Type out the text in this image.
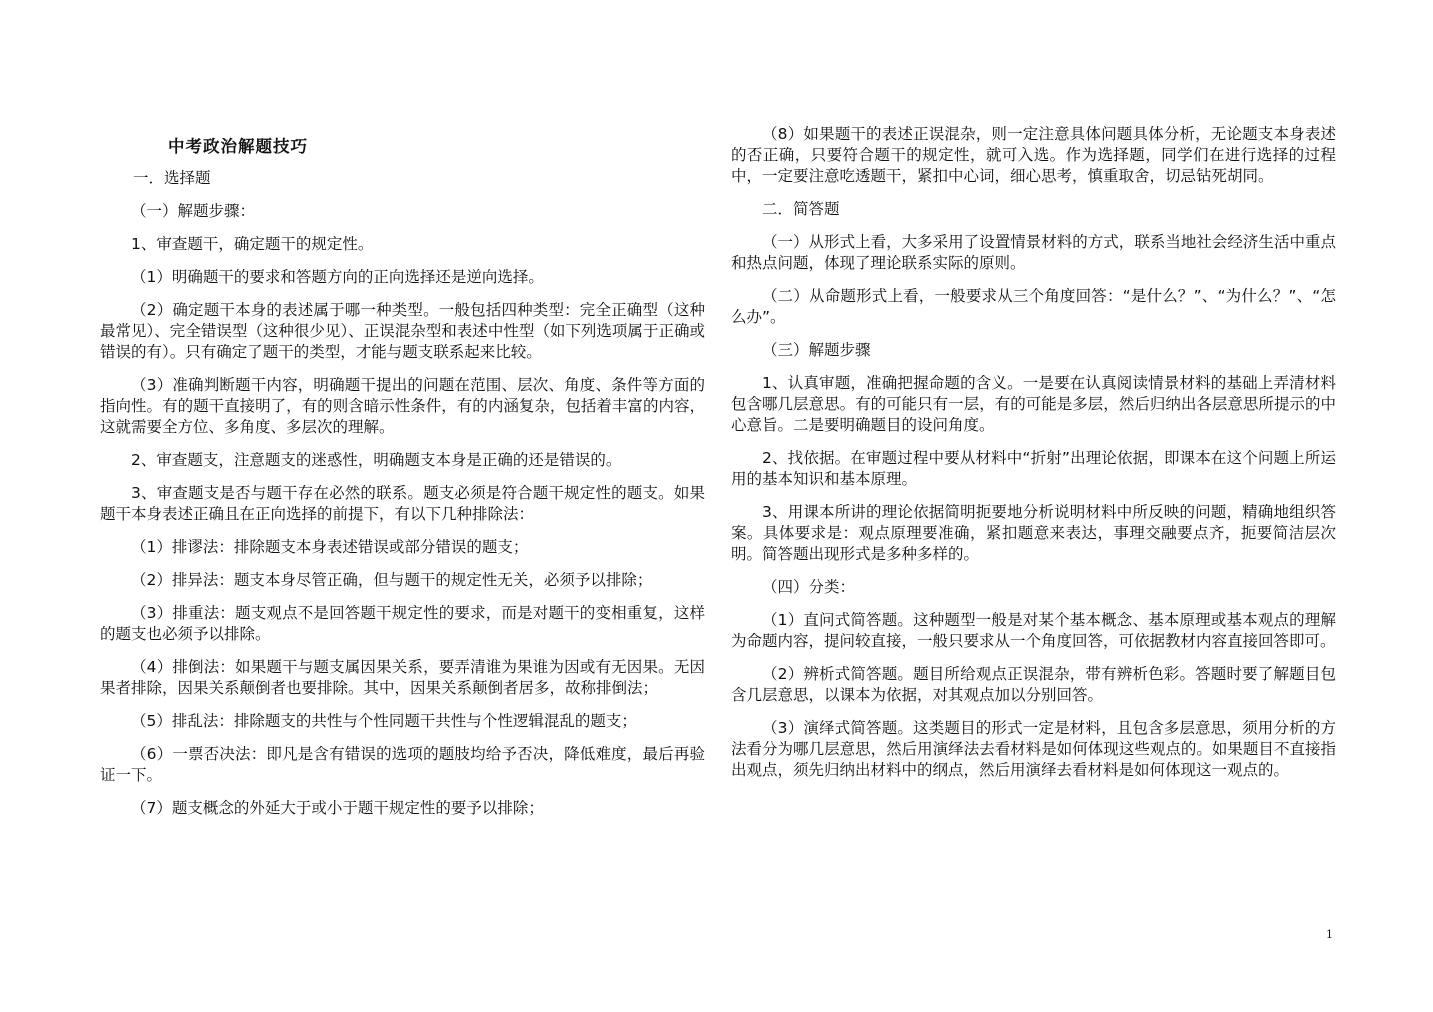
中考政治解题技巧

一．选择题

（一）解题步骤：

1、审查题干，确定题干的规定性。

（1）明确题干的要求和答题方向的正向选择还是逆向选择。

（2）确定题干本身的表述属于哪一种类型。一般包括四种类型：完全正确型（这种最常见）、完全错误型（这种很少见）、正误混杂型和表述中性型（如下列选项属于正确或错误的有）。只有确定了题干的类型，才能与题支联系起来比较。

（3）准确判断题干内容，明确题干提出的问题在范围、层次、角度、条件等方面的指向性。有的题干直接明了，有的则含暗示性条件，有的内涵复杂，包括着丰富的内容，这就需要全方位、多角度、多层次的理解。

2、审查题支，注意题支的迷惑性，明确题支本身是正确的还是错误的。

3、审查题支是否与题干存在必然的联系。题支必须是符合题干规定性的题支。如果题干本身表述正确且在正向选择的前提下，有以下几种排除法：

（1）排谬法：排除题支本身表述错误或部分错误的题支；

（2）排异法：题支本身尽管正确，但与题干的规定性无关，必须予以排除；

（3）排重法：题支观点不是回答题干规定性的要求，而是对题干的变相重复，这样的题支也必须予以排除。

（4）排倒法：如果题干与题支属因果关系，要弄清谁为果谁为因或有无因果。无因果者排除，因果关系颠倒者也要排除。其中，因果关系颠倒者居多，故称排倒法；

（5）排乱法：排除题支的共性与个性同题干共性与个性逻辑混乱的题支；

（6）一票否决法：即凡是含有错误的选项的题肢均给予否决，降低难度，最后再验证一下。

（7）题支概念的外延大于或小于题干规定性的要予以排除；

（8）如果题干的表述正误混杂，则一定注意具体问题具体分析，无论题支本身表述的否正确，只要符合题干的规定性，就可入选。作为选择题，同学们在进行选择的过程中，一定要注意吃透题干，紧扣中心词，细心思考，慎重取舍，切忌钻死胡同。

二．简答题

（一）从形式上看，大多采用了设置情景材料的方式，联系当地社会经济生活中重点和热点问题，体现了理论联系实际的原则。

（二）从命题形式上看，一般要求从三个角度回答：“是什么？”、“为什么？”、“怎么办”。

（三）解题步骤

1、认真审题，准确把握命题的含义。一是要在认真阅读情景材料的基础上弄清材料包含哪几层意思。有的可能只有一层，有的可能是多层，然后归纳出各层意思所提示的中心意旨。二是要明确题目的设问角度。

2、找依据。在审题过程中要从材料中“折射”出理论依据，即课本在这个问题上所运用的基本知识和基本原理。

3、用课本所讲的理论依据简明扼要地分析说明材料中所反映的问题，精确地组织答案。具体要求是：观点原理要准确，紧扣题意来表达，事理交融要点齐，扼要简洁层次明。简答题出现形式是多种多样的。

（四）分类：

（1）直问式简答题。这种题型一般是对某个基本概念、基本原理或基本观点的理解为命题内容，提问较直接，一般只要求从一个角度回答，可依据教材内容直接回答即可。

（2）辨析式简答题。题目所给观点正误混杂，带有辨析色彩。答题时要了解题目包含几层意思，以课本为依据，对其观点加以分别回答。

（3）演绎式简答题。这类题目的形式一定是材料，且包含多层意思，须用分析的方法看分为哪几层意思，然后用演绎法去看材料是如何体现这些观点的。如果题目不直接指出观点，须先归纳出材料中的纲点，然后用演绎去看材料是如何体现这一观点的。

1
